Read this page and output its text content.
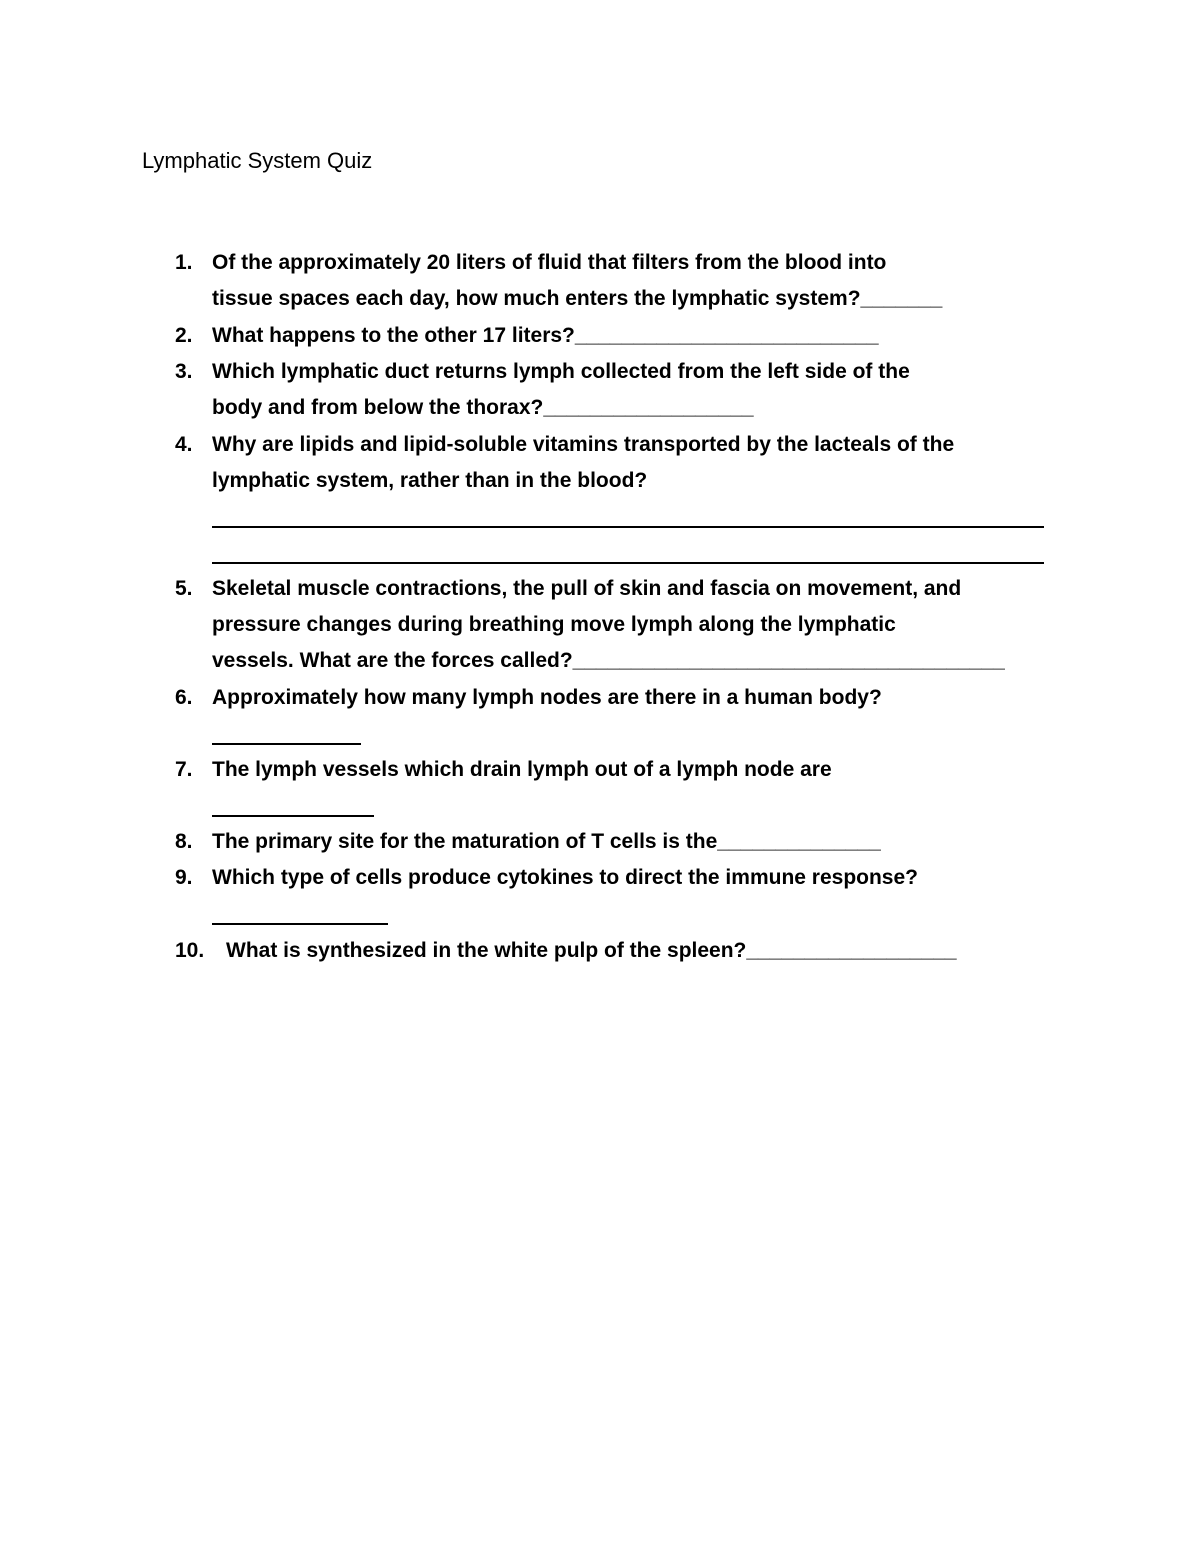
Lymphatic System Quiz
1. Of the approximately 20 liters of fluid that filters from the blood into
tissue spaces each day, how much enters the lymphatic system?_______
2. What happens to the other 17 liters?__________________________
3. Which lymphatic duct returns lymph collected from the left side of the
body and from below the thorax?__________________
4. Why are lipids and lipid-soluble vitamins transported by the lacteals of the
lymphatic system, rather than in the blood?
5. Skeletal muscle contractions, the pull of skin and fascia on movement, and
pressure changes during breathing move lymph along the lymphatic
vessels. What are the forces called?_____________________________________
6. Approximately how many lymph nodes are there in a human body?
7. The lymph vessels which drain lymph out of a lymph node are
8. The primary site for the maturation of T cells is the______________
9. Which type of cells produce cytokines to direct the immune response?
10. What is synthesized in the white pulp of the spleen?__________________
